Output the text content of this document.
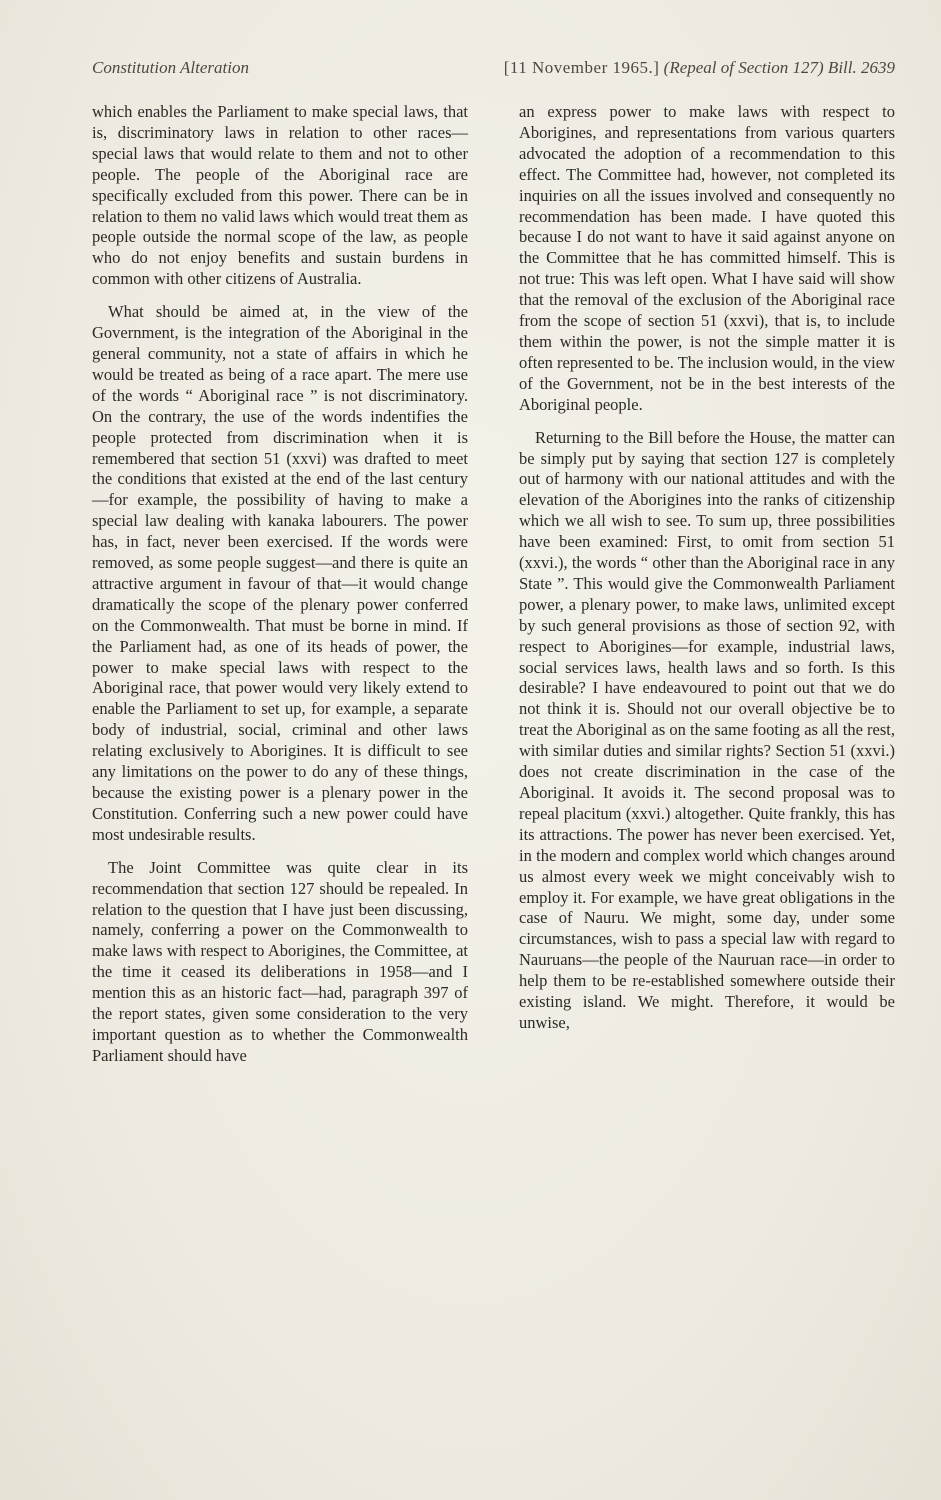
Constitution Alteration	[11 November 1965.] (Repeal of Section 127) Bill. 2639

which enables the Parliament to make special laws, that is, discriminatory laws in relation to other races—special laws that would relate to them and not to other people. The people of the Aboriginal race are specifically excluded from this power. There can be in relation to them no valid laws which would treat them as people outside the normal scope of the law, as people who do not enjoy benefits and sustain burdens in common with other citizens of Australia.

What should be aimed at, in the view of the Government, is the integration of the Aboriginal in the general community, not a state of affairs in which he would be treated as being of a race apart. The mere use of the words “ Aboriginal race ” is not discriminatory. On the contrary, the use of the words indentifies the people protected from discrimination when it is remembered that section 51 (xxvi) was drafted to meet the conditions that existed at the end of the last century—for example, the possibility of having to make a special law dealing with kanaka labourers. The power has, in fact, never been exercised. If the words were removed, as some people suggest—and there is quite an attractive argument in favour of that—it would change dramatically the scope of the plenary power conferred on the Commonwealth. That must be borne in mind. If the Parliament had, as one of its heads of power, the power to make special laws with respect to the Aboriginal race, that power would very likely extend to enable the Parliament to set up, for example, a separate body of industrial, social, criminal and other laws relating exclusively to Aborigines. It is difficult to see any limitations on the power to do any of these things, because the existing power is a plenary power in the Constitution. Conferring such a new power could have most undesirable results.

The Joint Committee was quite clear in its recommendation that section 127 should be repealed. In relation to the question that I have just been discussing, namely, conferring a power on the Commonwealth to make laws with respect to Aborigines, the Committee, at the time it ceased its deliberations in 1958—and I mention this as an historic fact—had, paragraph 397 of the report states, given some consideration to the very important question as to whether the Commonwealth Parliament should have

an express power to make laws with respect to Aborigines, and representations from various quarters advocated the adoption of a recommendation to this effect. The Committee had, however, not completed its inquiries on all the issues involved and consequently no recommendation has been made. I have quoted this because I do not want to have it said against anyone on the Committee that he has committed himself. This is not true: This was left open. What I have said will show that the removal of the exclusion of the Aboriginal race from the scope of section 51 (xxvi), that is, to include them within the power, is not the simple matter it is often represented to be. The inclusion would, in the view of the Government, not be in the best interests of the Aboriginal people.

Returning to the Bill before the House, the matter can be simply put by saying that section 127 is completely out of harmony with our national attitudes and with the elevation of the Aborigines into the ranks of citizenship which we all wish to see. To sum up, three possibilities have been examined: First, to omit from section 51 (xxvi.), the words “ other than the Aboriginal race in any State ”. This would give the Commonwealth Parliament power, a plenary power, to make laws, unlimited except by such general provisions as those of section 92, with respect to Aborigines—for example, industrial laws, social services laws, health laws and so forth. Is this desirable? I have endeavoured to point out that we do not think it is. Should not our overall objective be to treat the Aboriginal as on the same footing as all the rest, with similar duties and similar rights? Section 51 (xxvi.) does not create discrimination in the case of the Aboriginal. It avoids it. The second proposal was to repeal placitum (xxvi.) altogether. Quite frankly, this has its attractions. The power has never been exercised. Yet, in the modern and complex world which changes around us almost every week we might conceivably wish to employ it. For example, we have great obligations in the case of Nauru. We might, some day, under some circumstances, wish to pass a special law with regard to Nauruans—the people of the Nauruan race—in order to help them to be re-established somewhere outside their existing island. We might. Therefore, it would be unwise,
